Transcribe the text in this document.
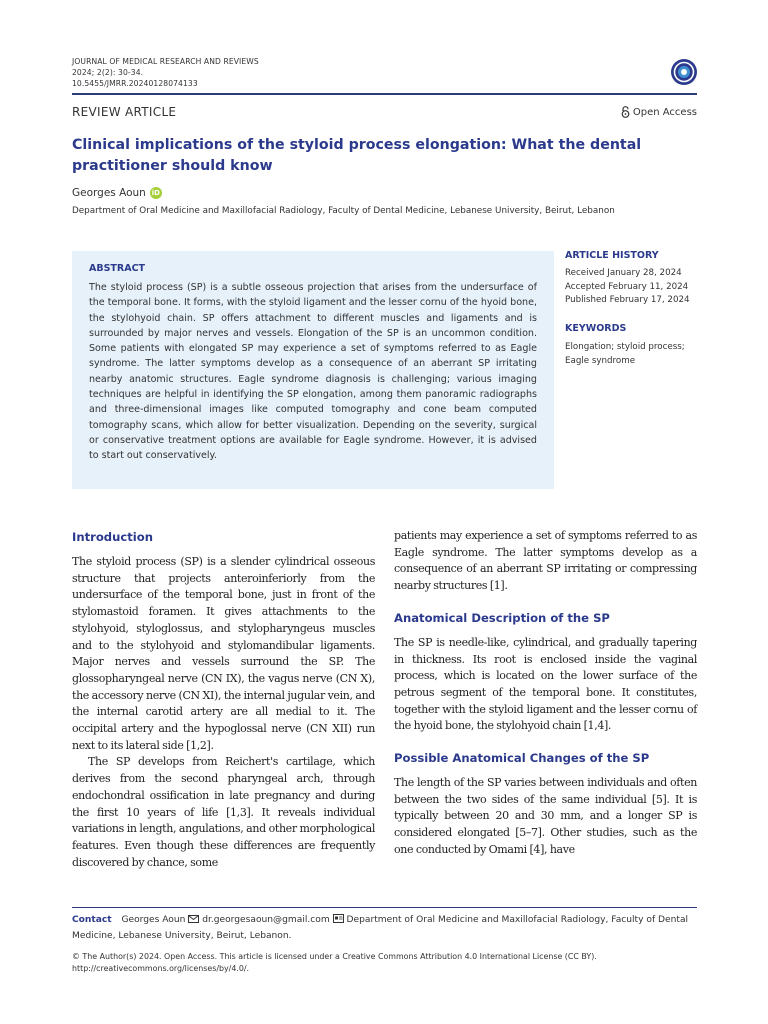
JOURNAL OF MEDICAL RESEARCH AND REVIEWS
2024; 2(2): 30-34.
10.5455/JMRR.20240128074133
REVIEW ARTICLE	Open Access
Clinical implications of the styloid process elongation: What the dental practitioner should know
Georges Aoun iD
Department of Oral Medicine and Maxillofacial Radiology, Faculty of Dental Medicine, Lebanese University, Beirut, Lebanon
ABSTRACT
The styloid process (SP) is a subtle osseous projection that arises from the undersurface of the temporal bone. It forms, with the styloid ligament and the lesser cornu of the hyoid bone, the stylohyoid chain. SP offers attachment to different muscles and ligaments and is surrounded by major nerves and vessels. Elongation of the SP is an uncommon condition. Some patients with elongated SP may experience a set of symptoms referred to as Eagle syndrome. The latter symptoms develop as a consequence of an aberrant SP irritating nearby anatomic structures. Eagle syndrome diagnosis is challenging; various imaging techniques are helpful in identifying the SP elongation, among them panoramic radiographs and three-dimensional images like computed tomography and cone beam computed tomography scans, which allow for better visualization. Depending on the severity, surgical or conservative treatment options are available for Eagle syndrome. However, it is advised to start out conservatively.
ARTICLE HISTORY
Received January 28, 2024
Accepted February 11, 2024
Published February 17, 2024
KEYWORDS
Elongation; styloid process;
Eagle syndrome
Introduction

The styloid process (SP) is a slender cylindrical osseous structure that projects anteroinferiorly from the undersurface of the temporal bone, just in front of the stylomastoid foramen. It gives attachments to the stylohyoid, styloglossus, and stylopharyngeus muscles and to the stylohyoid and stylomandibular ligaments. Major nerves and vessels surround the SP. The glossopharyngeal nerve (CN IX), the vagus nerve (CN X), the accessory nerve (CN XI), the internal jugular vein, and the internal carotid artery are all medial to it. The occipital artery and the hypoglossal nerve (CN XII) run next to its lateral side [1,2].

The SP develops from Reichert's cartilage, which derives from the second pharyngeal arch, through endochondral ossification in late pregnancy and during the first 10 years of life [1,3]. It reveals individual variations in length, angulations, and other morphological features. Even though these differences are frequently discovered by chance, some

patients may experience a set of symptoms referred to as Eagle syndrome. The latter symptoms develop as a consequence of an aberrant SP irritating or compressing nearby structures [1].

Anatomical Description of the SP

The SP is needle-like, cylindrical, and gradually tapering in thickness. Its root is enclosed inside the vaginal process, which is located on the lower surface of the petrous segment of the temporal bone. It constitutes, together with the styloid ligament and the lesser cornu of the hyoid bone, the stylohyoid chain [1,4].

Possible Anatomical Changes of the SP

The length of the SP varies between individuals and often between the two sides of the same individual [5]. It is typically between 20 and 30 mm, and a longer SP is considered elongated [5–7]. Other studies, such as the one conducted by Omami [4], have

Contact Georges Aoun dr.georgesaoun@gmail.com Department of Oral Medicine and Maxillofacial Radiology, Faculty of Dental Medicine, Lebanese University, Beirut, Lebanon.
© The Author(s) 2024. Open Access. This article is licensed under a Creative Commons Attribution 4.0 International License (CC BY).
http://creativecommons.org/licenses/by/4.0/.
